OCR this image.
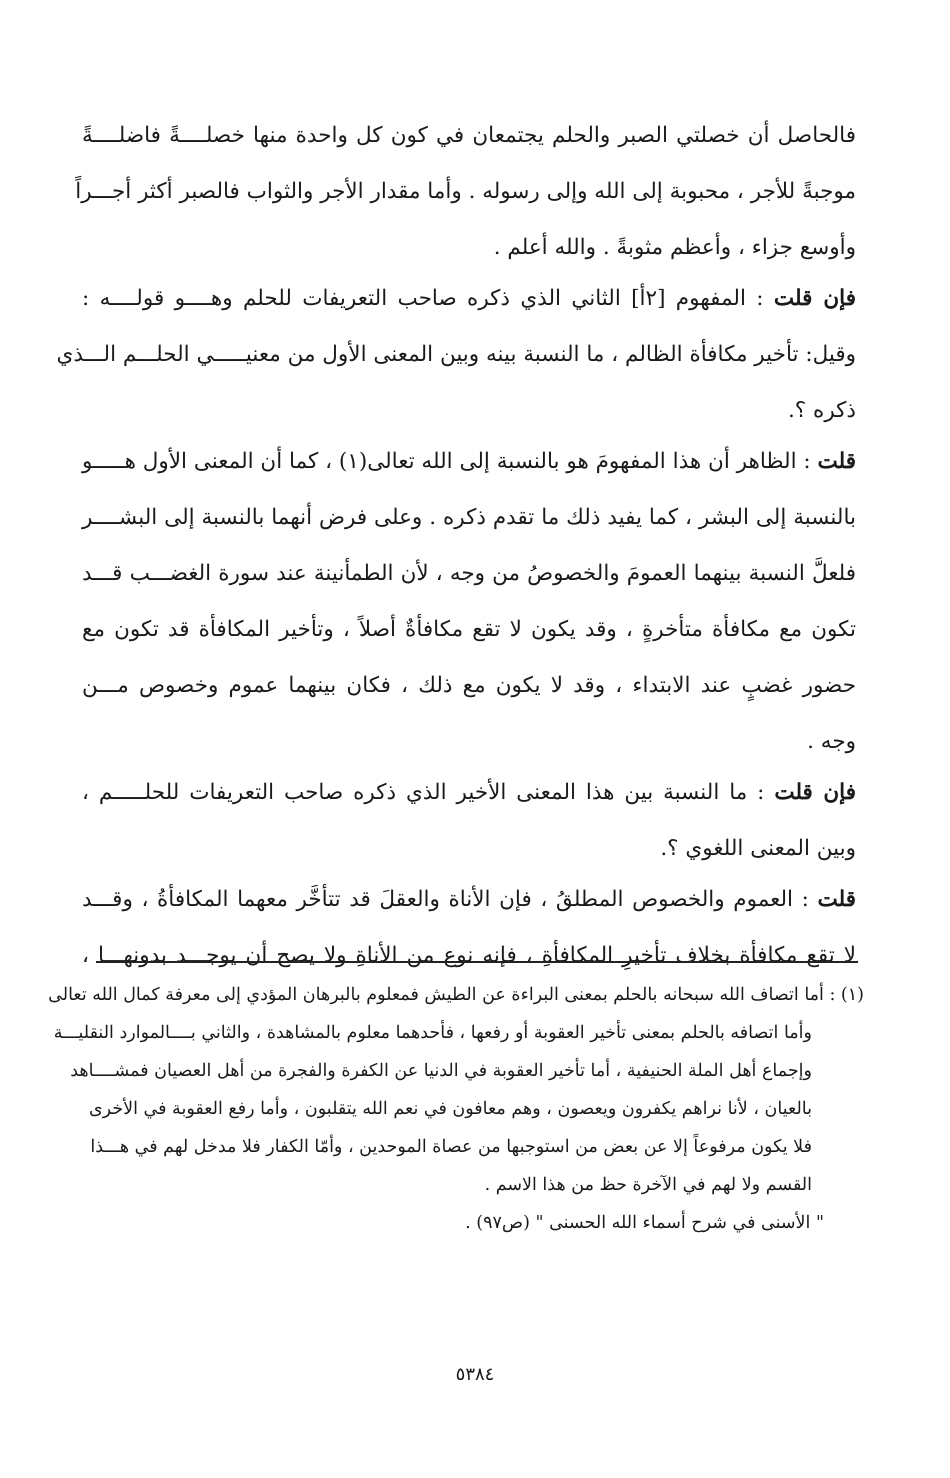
فالحاصل أن خصلتي الصبر والحلم يجتمعان في كون كل واحدة منها خصلــــةً فاضلــــةً
موجبةً للأجر ، محبوبة إلى الله وإلى رسوله . وأما مقدار الأجر والثواب فالصبر أكثر أجـــراً
وأوسع جزاء ، وأعظم مثوبةً . والله أعلم .
فإن قلت : المفهوم [٢أ] الثاني الذي ذكره صاحب التعريفات للحلم وهــــو قولــــه :
وقيل: تأخير مكافأة الظالم ، ما النسبة بينه وبين المعنى الأول من معنيـــــي الحلـــم الـــذي
ذكره ؟.
قلت : الظاهر أن هذا المفهومَ هو بالنسبة إلى الله تعالى(١) ، كما أن المعنى الأول هـــــو
بالنسبة إلى البشر ، كما يفيد ذلك ما تقدم ذكره . وعلى فرض أنهما بالنسبة إلى البشــــر
فلعلَّ النسبة بينهما العمومَ والخصوصُ من وجه ، لأن الطمأنينة عند سورة الغضـــب قـــد
تكون مع مكافأة متأخرةٍ ، وقد يكون لا تقع مكافأةٌ أصلاً ، وتأخير المكافأة قد تكون مع
حضور غضبٍ عند الابتداء ، وقد لا يكون مع ذلك ، فكان بينهما عموم وخصوص مـــن
وجه .
فإن قلت : ما النسبة بين هذا المعنى الأخير الذي ذكره صاحب التعريفات للحلـــــم ،
وبين المعنى اللغوي ؟.
قلت : العموم والخصوص المطلقُ ، فإن الأناة والعقلَ قد تتأخَّر معهما المكافأةُ ، وقـــد
لا تقع مكافأة بخلاف تأخيرِ المكافأةِ ، فإنه نوع من الأناةِ ولا يصح أن يوجـــد بدونهـــا ،
(١) : أما اتصاف الله سبحانه بالحلم بمعنى البراءة عن الطيش فمعلوم بالبرهان المؤدي إلى معرفة كمال الله تعالى
وأما اتصافه بالحلم بمعنى تأخير العقوبة أو رفعها ، فأحدهما معلوم بالمشاهدة ، والثاني بــــالموارد النقليـــة
وإجماع أهل الملة الحنيفية ، أما تأخير العقوبة في الدنيا عن الكفرة والفجرة من أهل العصيان فمشــــاهد
بالعيان ، لأنا نراهم يكفرون ويعصون ، وهم معافون في نعم الله يتقلبون ، وأما رفع العقوبة في الأخرى
فلا يكون مرفوعاً إلا عن بعض من استوجبها من عصاة الموحدين ، وأمّا الكفار فلا مدخل لهم في هـــذا
القسم ولا لهم في الآخرة حظ من هذا الاسم .
" الأسنى في شرح أسماء الله الحسنى " (ص٩٧) .
٥٣٨٤
